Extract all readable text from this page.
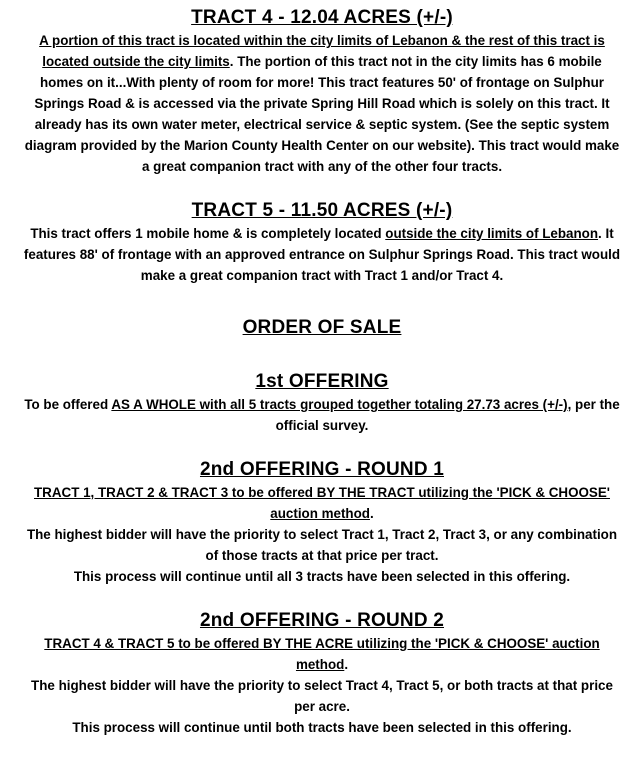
TRACT 4 - 12.04 ACRES (+/-)

A portion of this tract is located within the city limits of Lebanon & the rest of this tract is located outside the city limits. The portion of this tract not in the city limits has 6 mobile homes on it...With plenty of room for more! This tract features 50' of frontage on Sulphur Springs Road & is accessed via the private Spring Hill Road which is solely on this tract. It already has its own water meter, electrical service & septic system. (See the septic system diagram provided by the Marion County Health Center on our website). This tract would make a great companion tract with any of the other four tracts.

TRACT 5 - 11.50 ACRES (+/-)

This tract offers 1 mobile home & is completely located outside the city limits of Lebanon. It features 88' of frontage with an approved entrance on Sulphur Springs Road. This tract would make a great companion tract with Tract 1 and/or Tract 4.

ORDER OF SALE
1st OFFERING

To be offered AS A WHOLE with all 5 tracts grouped together totaling 27.73 acres (+/-), per the official survey.

2nd OFFERING - ROUND 1

TRACT 1, TRACT 2 & TRACT 3 to be offered BY THE TRACT utilizing the 'PICK & CHOOSE' auction method.

The highest bidder will have the priority to select Tract 1, Tract 2, Tract 3, or any combination of those tracts at that price per tract.

This process will continue until all 3 tracts have been selected in this offering.

2nd OFFERING - ROUND 2

TRACT 4 & TRACT 5 to be offered BY THE ACRE utilizing the 'PICK & CHOOSE' auction method.

The highest bidder will have the priority to select Tract 4, Tract 5, or both tracts at that price per acre.

This process will continue until both tracts have been selected in this offering.
